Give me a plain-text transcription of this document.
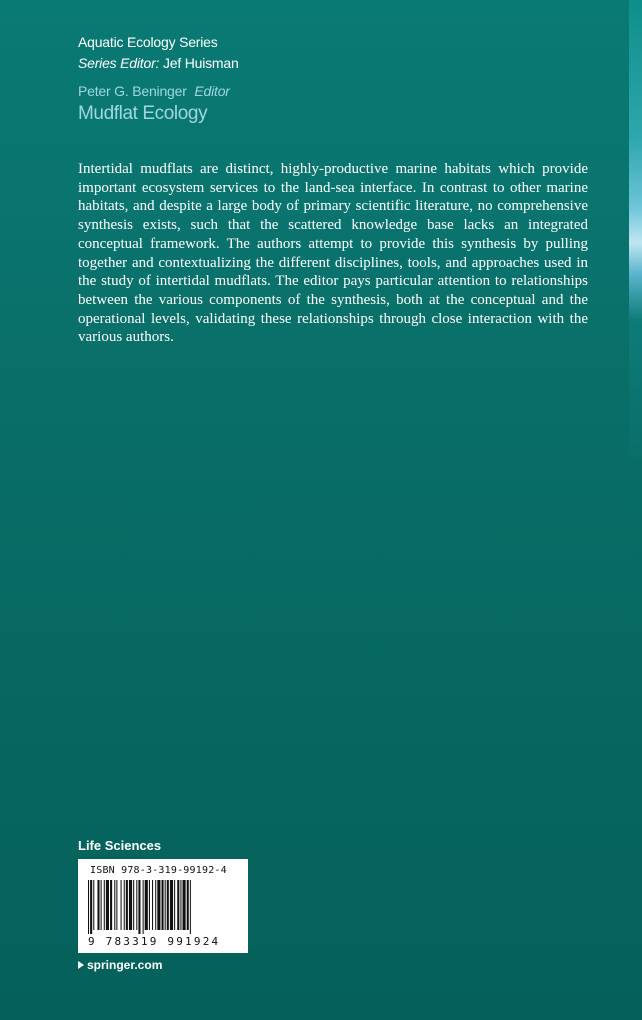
Aquatic Ecology Series
Series Editor: Jef Huisman
Peter G. Beninger Editor
Mudflat Ecology
Intertidal mudflats are distinct, highly-productive marine habitats which provide important ecosystem services to the land-sea interface. In contrast to other marine habitats, and despite a large body of primary scientific literature, no comprehensive synthesis exists, such that the scattered knowledge base lacks an integrated conceptual framework. The authors attempt to provide this synthesis by pulling together and contextualizing the different disciplines, tools, and approaches used in the study of intertidal mudflats. The editor pays particular attention to relationships between the various components of the synthesis, both at the conceptual and the operational levels, validating these relationships through close interaction with the various authors.
Life Sciences
ISBN 978-3-319-99192-4
9 783319 991924
springer.com
